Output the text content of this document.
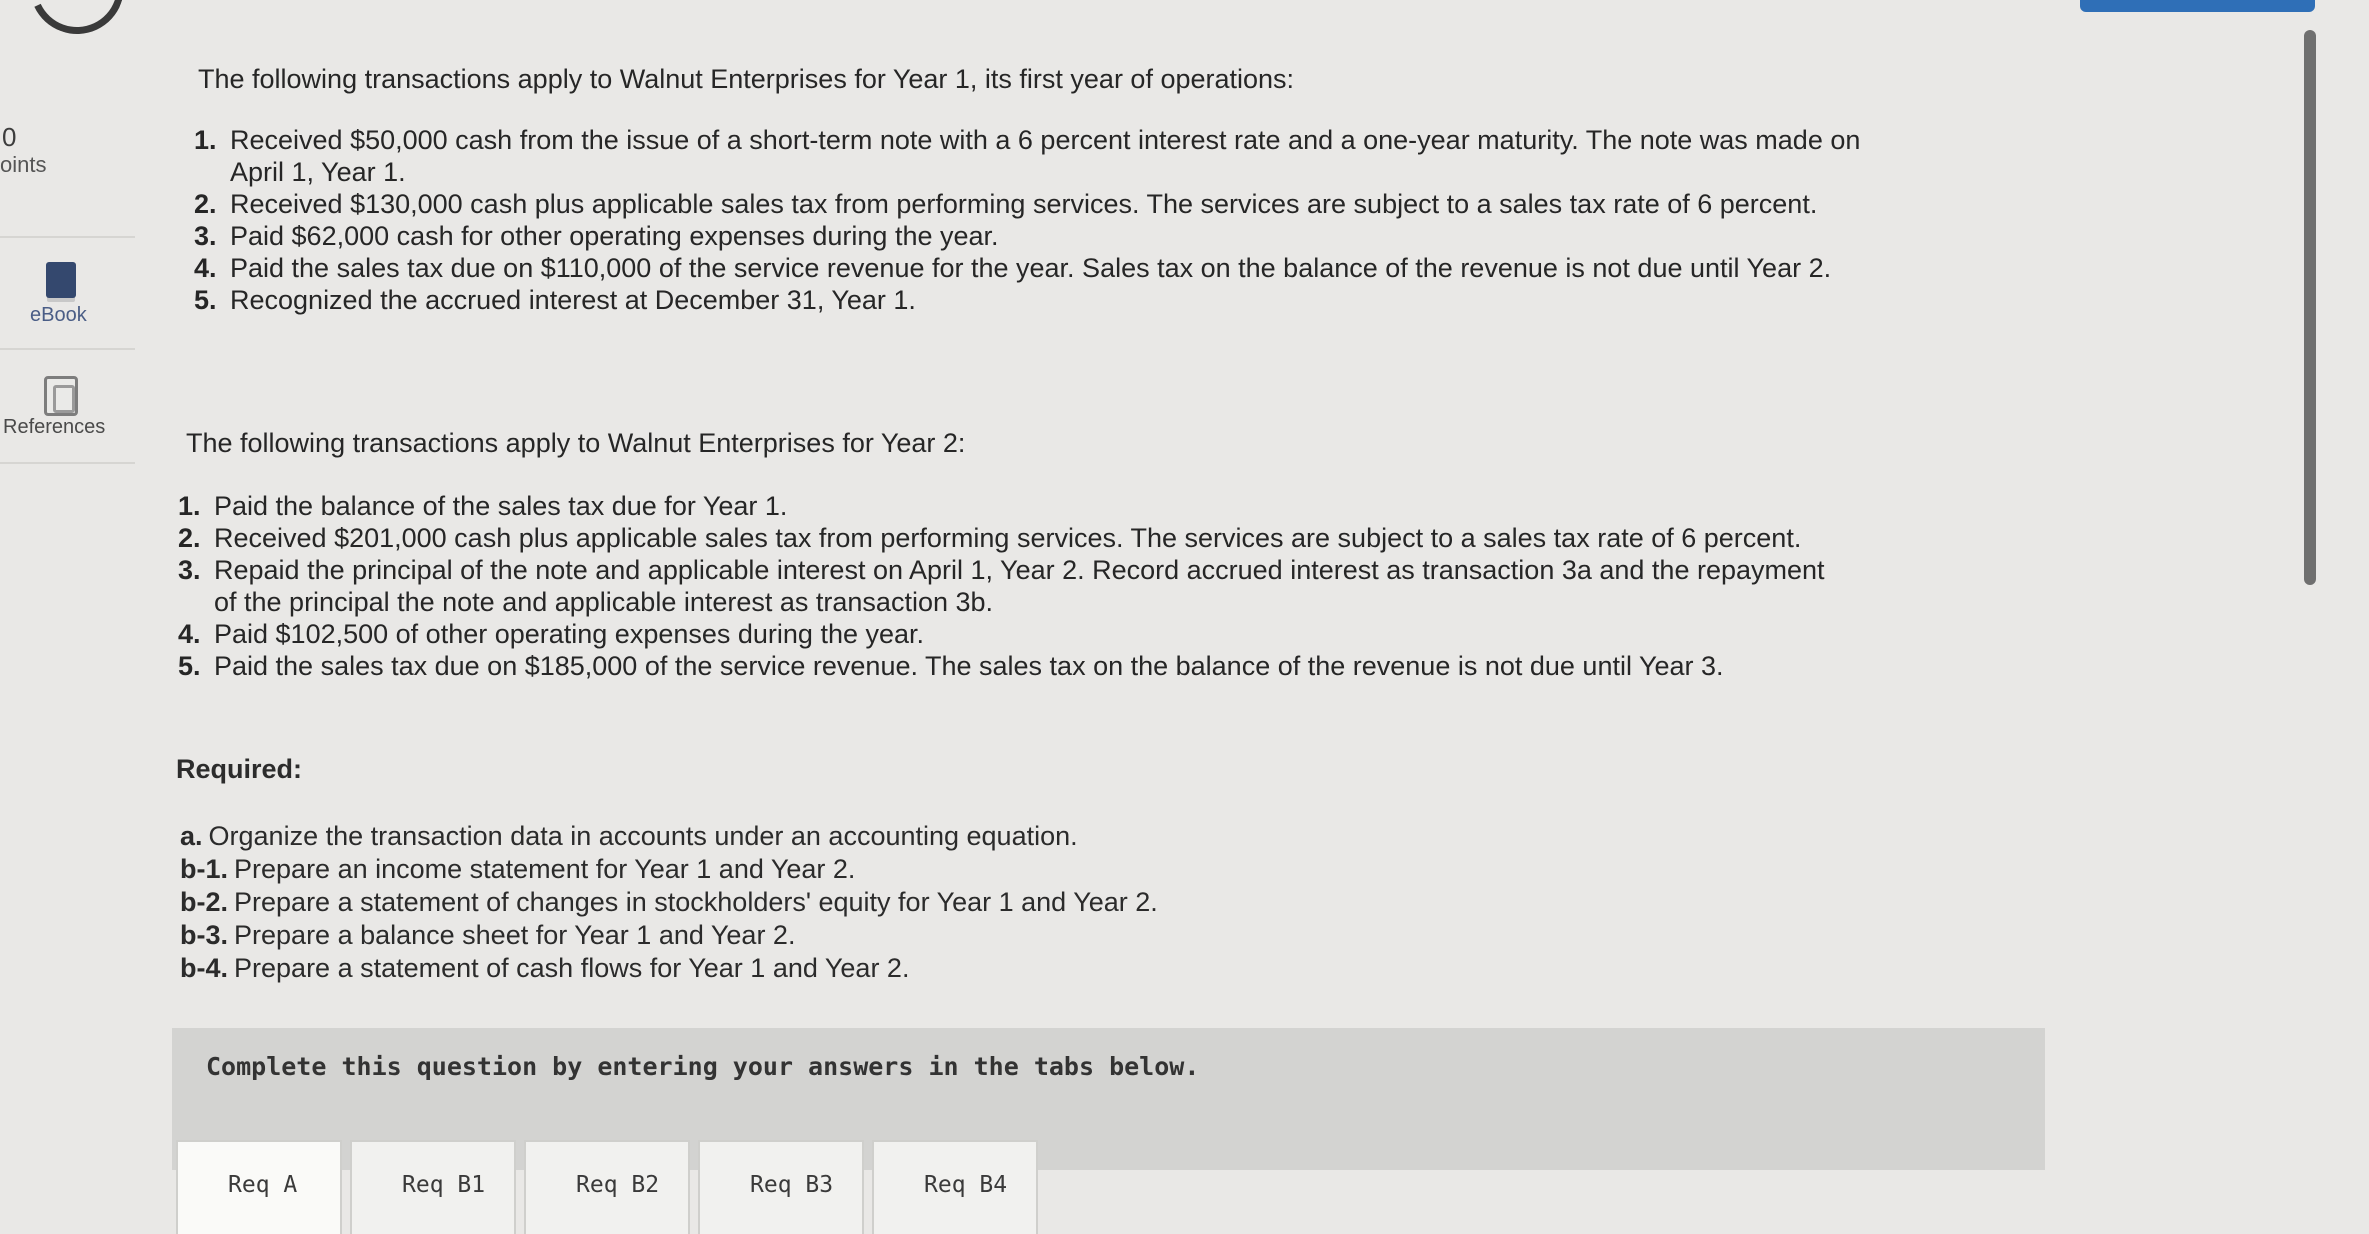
0
oints
eBook
References
The following transactions apply to Walnut Enterprises for Year 1, its first year of operations:
1. Received $50,000 cash from the issue of a short-term note with a 6 percent interest rate and a one-year maturity. The note was made on April 1, Year 1.
2. Received $130,000 cash plus applicable sales tax from performing services. The services are subject to a sales tax rate of 6 percent.
3. Paid $62,000 cash for other operating expenses during the year.
4. Paid the sales tax due on $110,000 of the service revenue for the year. Sales tax on the balance of the revenue is not due until Year 2.
5. Recognized the accrued interest at December 31, Year 1.
The following transactions apply to Walnut Enterprises for Year 2:
1. Paid the balance of the sales tax due for Year 1.
2. Received $201,000 cash plus applicable sales tax from performing services. The services are subject to a sales tax rate of 6 percent.
3. Repaid the principal of the note and applicable interest on April 1, Year 2. Record accrued interest as transaction 3a and the repayment of the principal the note and applicable interest as transaction 3b.
4. Paid $102,500 of other operating expenses during the year.
5. Paid the sales tax due on $185,000 of the service revenue. The sales tax on the balance of the revenue is not due until Year 3.
Required:
a. Organize the transaction data in accounts under an accounting equation.
b-1. Prepare an income statement for Year 1 and Year 2.
b-2. Prepare a statement of changes in stockholders' equity for Year 1 and Year 2.
b-3. Prepare a balance sheet for Year 1 and Year 2.
b-4. Prepare a statement of cash flows for Year 1 and Year 2.
Complete this question by entering your answers in the tabs below.
Req A	Req B1	Req B2	Req B3	Req B4
